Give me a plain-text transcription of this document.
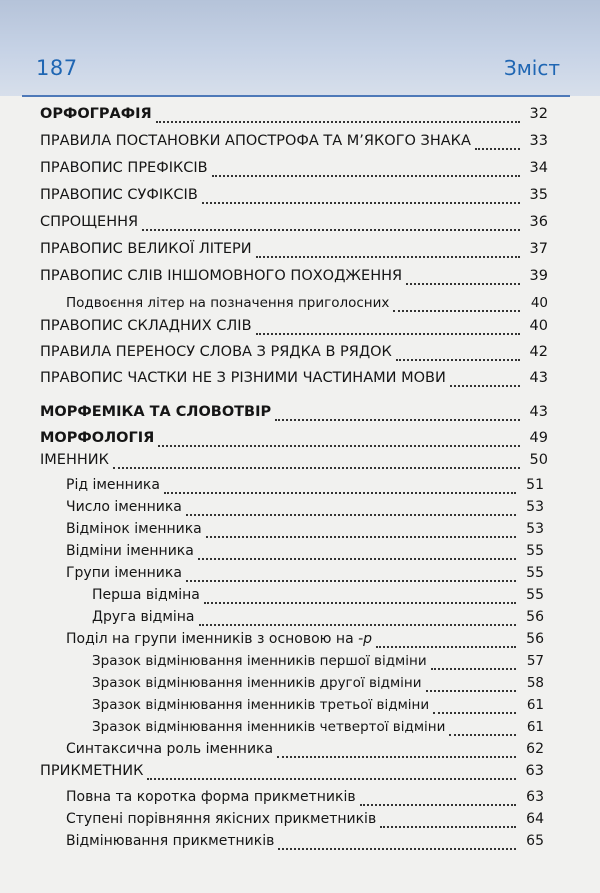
187	Зміст
ОРФОГРАФІЯ	32
ПРАВИЛА ПОСТАНОВКИ АПОСТРОФА ТА М’ЯКОГО ЗНАКА	33
ПРАВОПИС ПРЕФІКСІВ	34
ПРАВОПИС СУФІКСІВ	35
СПРОЩЕННЯ	36
ПРАВОПИС ВЕЛИКОЇ ЛІТЕРИ	37
ПРАВОПИС СЛІВ ІНШОМОВНОГО ПОХОДЖЕННЯ	39
Подвоєння літер на позначення приголосних	40
ПРАВОПИС СКЛАДНИХ СЛІВ	40
ПРАВИЛА ПЕРЕНОСУ СЛОВА З РЯДКА В РЯДОК	42
ПРАВОПИС ЧАСТКИ НЕ З РІЗНИМИ ЧАСТИНАМИ МОВИ	43
МОРФЕМІКА ТА СЛОВОТВІР	43
МОРФОЛОГІЯ	49
ІМЕННИК	50
Рід іменника	51
Число іменника	53
Відмінок іменника	53
Відміни іменника	55
Групи іменника	55
Перша відміна	55
Друга відміна	56
Поділ на групи іменників з основою на -р	56
Зразок відмінювання іменників першої відміни	57
Зразок відмінювання іменників другої відміни	58
Зразок відмінювання іменників третьої відміни	61
Зразок відмінювання іменників четвертої відміни	61
Синтаксична роль іменника	62
ПРИКМЕТНИК	63
Повна та коротка форма прикметників	63
Ступені порівняння якісних прикметників	64
Відмінювання прикметників	65
